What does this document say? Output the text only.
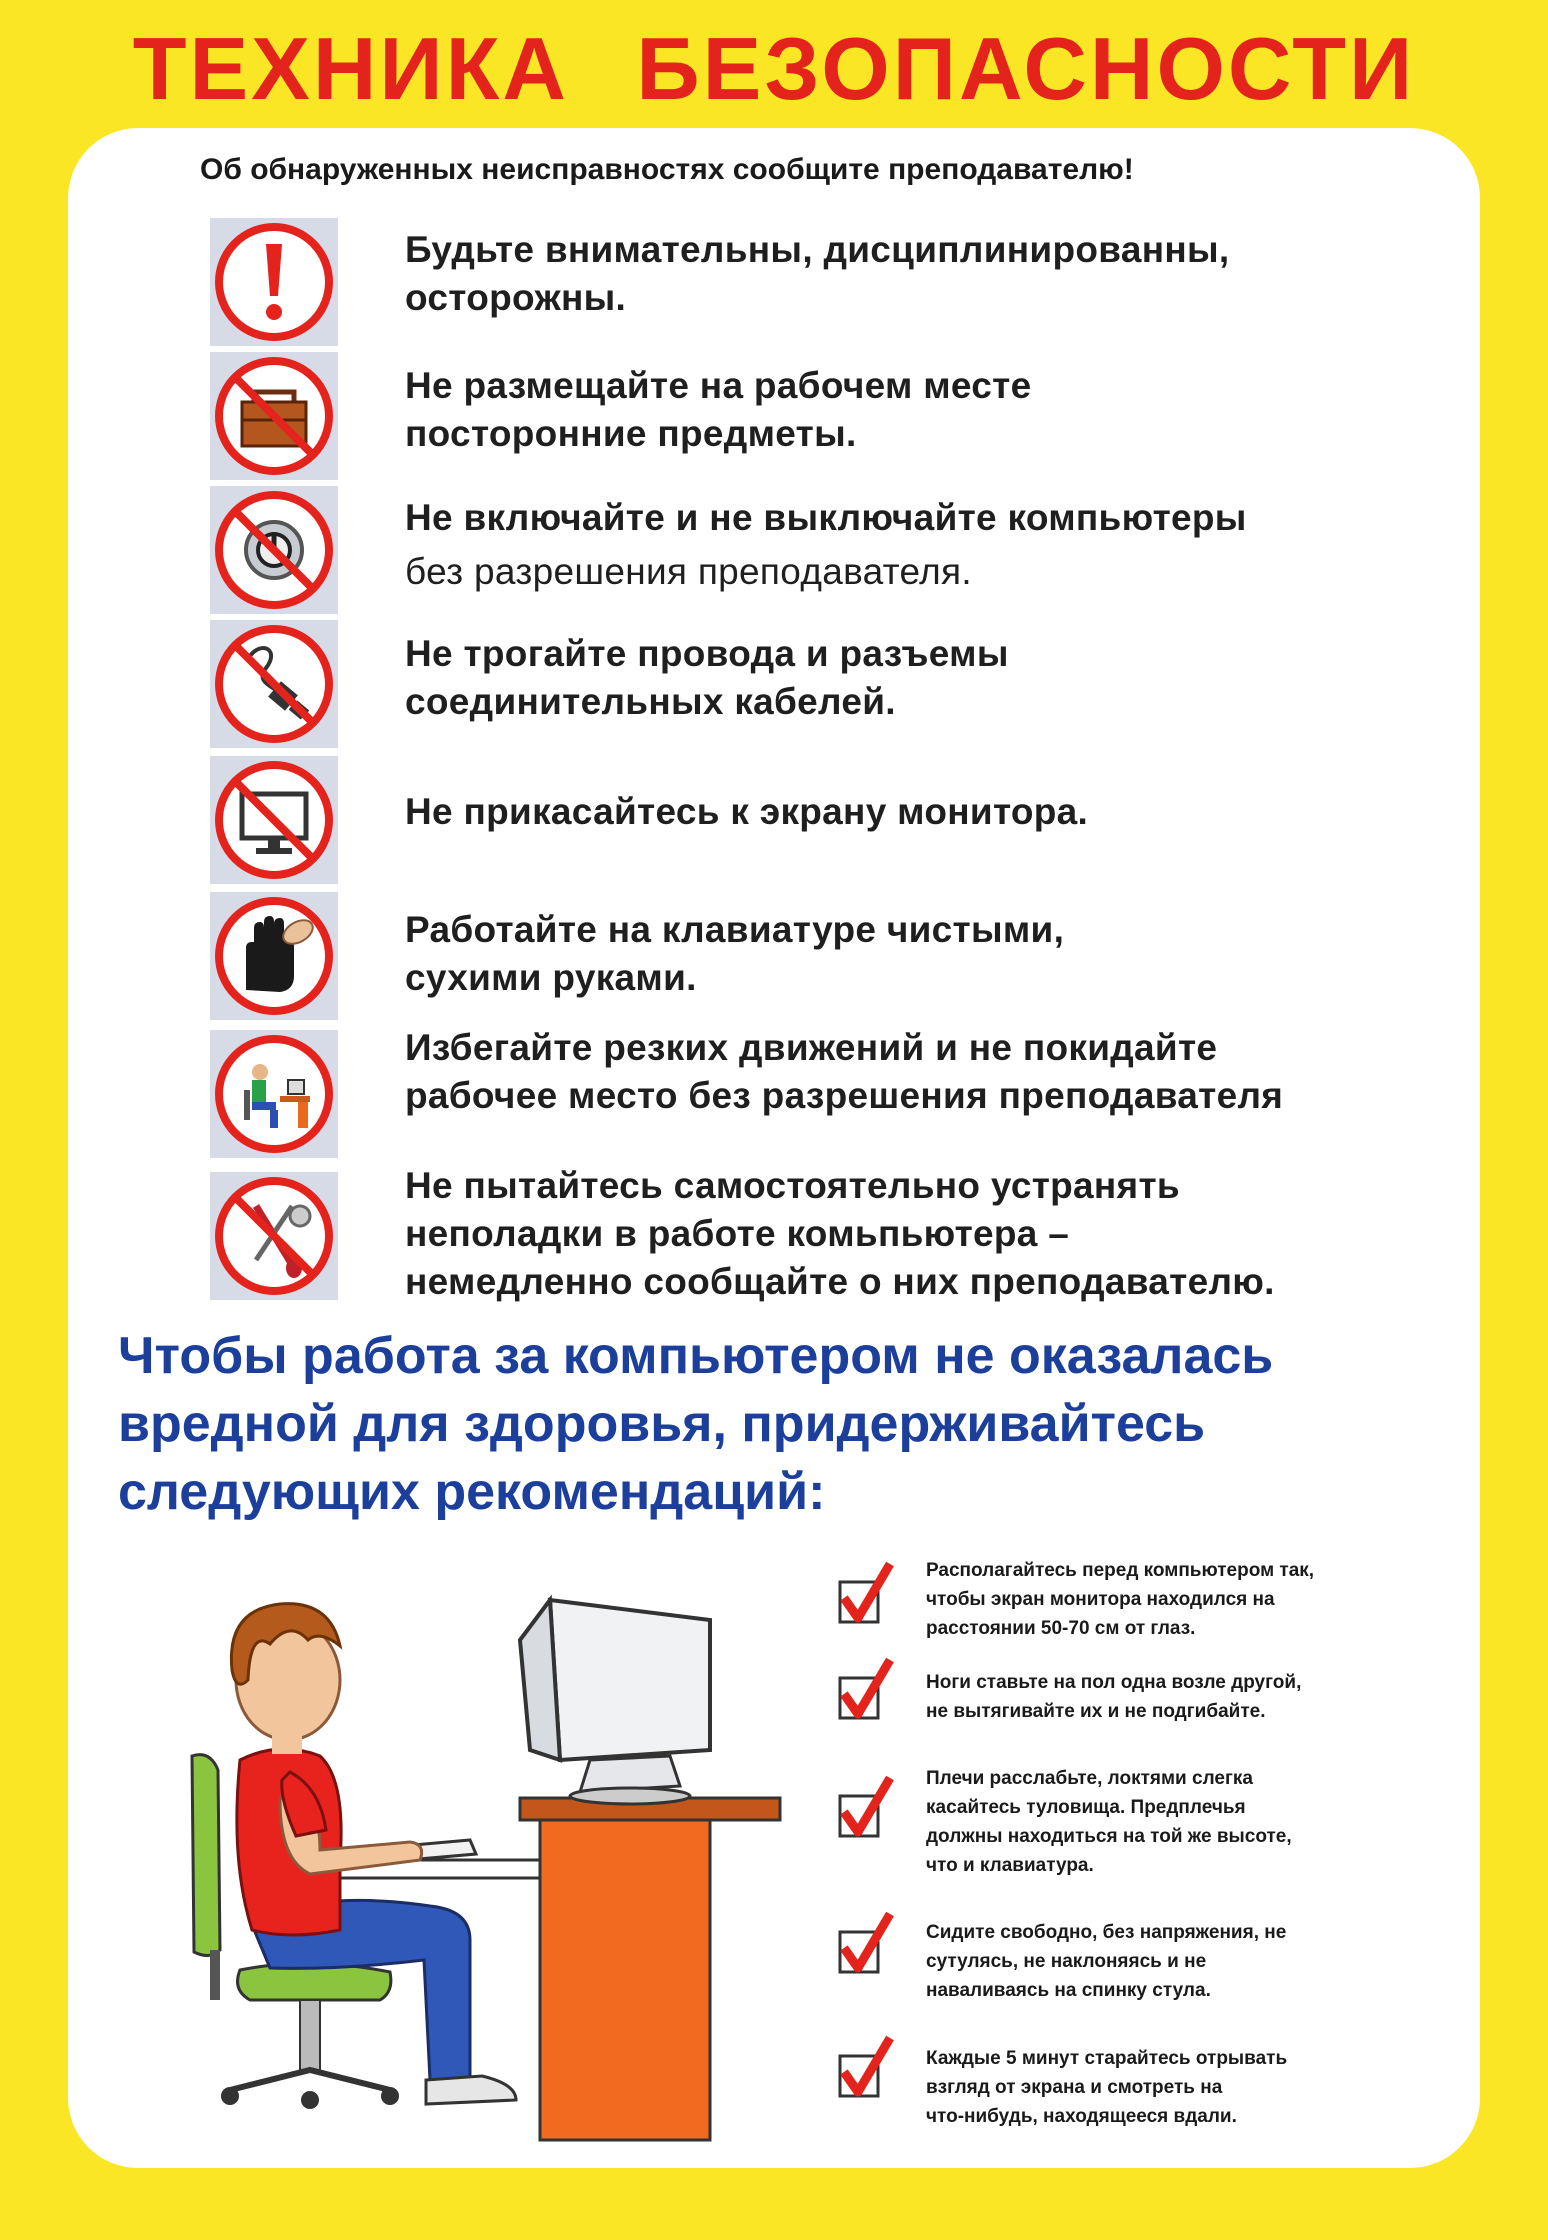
ТЕХНИКА БЕЗОПАСНОСТИ
Об обнаруженных неисправностях сообщите преподавателю!
Будьте внимательны, дисциплинированны,
осторожны.
Не размещайте на рабочем месте
посторонние предметы.
Не включайте и не выключайте компьютеры
без разрешения преподавателя.
Не трогайте провода и разъемы
соединительных кабелей.
Не прикасайтесь к экрану монитора.
Работайте на клавиатуре чистыми,
сухими руками.
Избегайте резких движений и не покидайте
рабочее место без разрешения преподавателя
Не пытайтесь самостоятельно устранять
неполадки в работе комьпьютера –
немедленно сообщайте о них преподавателю.
Чтобы работа за компьютером не оказалась
вредной для здоровья, придерживайтесь
следующих рекомендаций:
Располагайтесь перед компьютером так,
чтобы экран монитора находился на
расстоянии 50-70 см от глаз.
Ноги ставьте на пол одна возле другой,
не вытягивайте их и не подгибайте.
Плечи расслабьте, локтями слегка
касайтесь туловища. Предплечья
должны находиться на той же высоте,
что и клавиатура.
Сидите свободно, без напряжения, не
сутулясь, не наклоняясь и не
наваливаясь на спинку стула.
Каждые 5 минут старайтесь отрывать
взгляд от экрана и смотреть на
что-нибудь, находящееся вдали.
